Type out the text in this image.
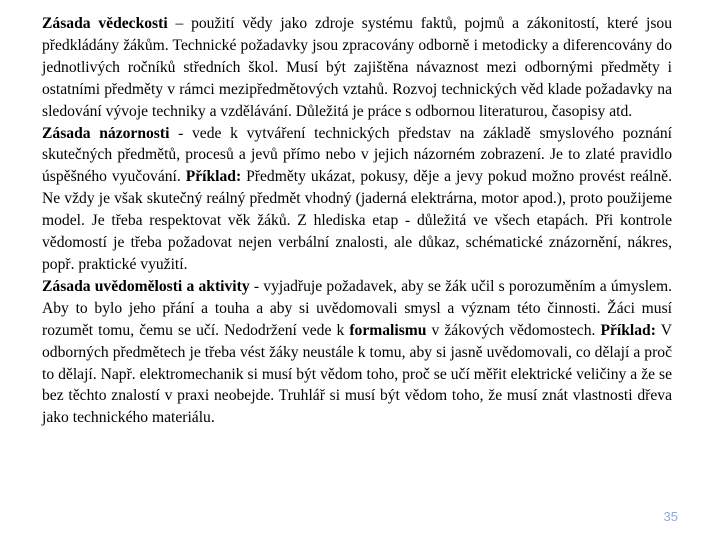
Zásada vědeckosti – použití vědy jako zdroje systému faktů, pojmů a zákonitostí, které jsou předkládány žákům. Technické požadavky jsou zpracovány odborně i metodicky a diferencovány do jednotlivých ročníků středních škol. Musí být zajištěna návaznost mezi odbornými předměty i ostatními předměty v rámci mezipředmětových vztahů. Rozvoj technických věd klade požadavky na sledování vývoje techniky a vzdělávání. Důležitá je práce s odbornou literaturou, časopisy atd.

Zásada názornosti - vede k vytváření technických představ na základě smyslového poznání skutečných předmětů, procesů a jevů přímo nebo v jejich názorném zobrazení. Je to zlaté pravidlo úspěšného vyučování. Příklad: Předměty ukázat, pokusy, děje a jevy pokud možno provést reálně. Ne vždy je však skutečný reálný předmět vhodný (jaderná elektrárna, motor apod.), proto použijeme model. Je třeba respektovat věk žáků. Z hlediska etap - důležitá ve všech etapách. Při kontrole vědomostí je třeba požadovat nejen verbální znalosti, ale důkaz, schématické znázornění, nákres, popř. praktické využití.

Zásada uvědomělosti a aktivity - vyjadřuje požadavek, aby se žák učil s porozuměním a úmyslem. Aby to bylo jeho přání a touha a aby si uvědomovali smysl a význam této činnosti. Žáci musí rozumět tomu, čemu se učí. Nedodržení vede k formalismu v žákových vědomostech. Příklad: V odborných předmětech je třeba vést žáky neustále k tomu, aby si jasně uvědomovali, co dělají a proč to dělají. Např. elektromechanik si musí být vědom toho, proč se učí měřit elektrické veličiny a že se bez těchto znalostí v praxi neobejde. Truhlář si musí být vědom toho, že musí znát vlastnosti dřeva jako technického materiálu.

35
